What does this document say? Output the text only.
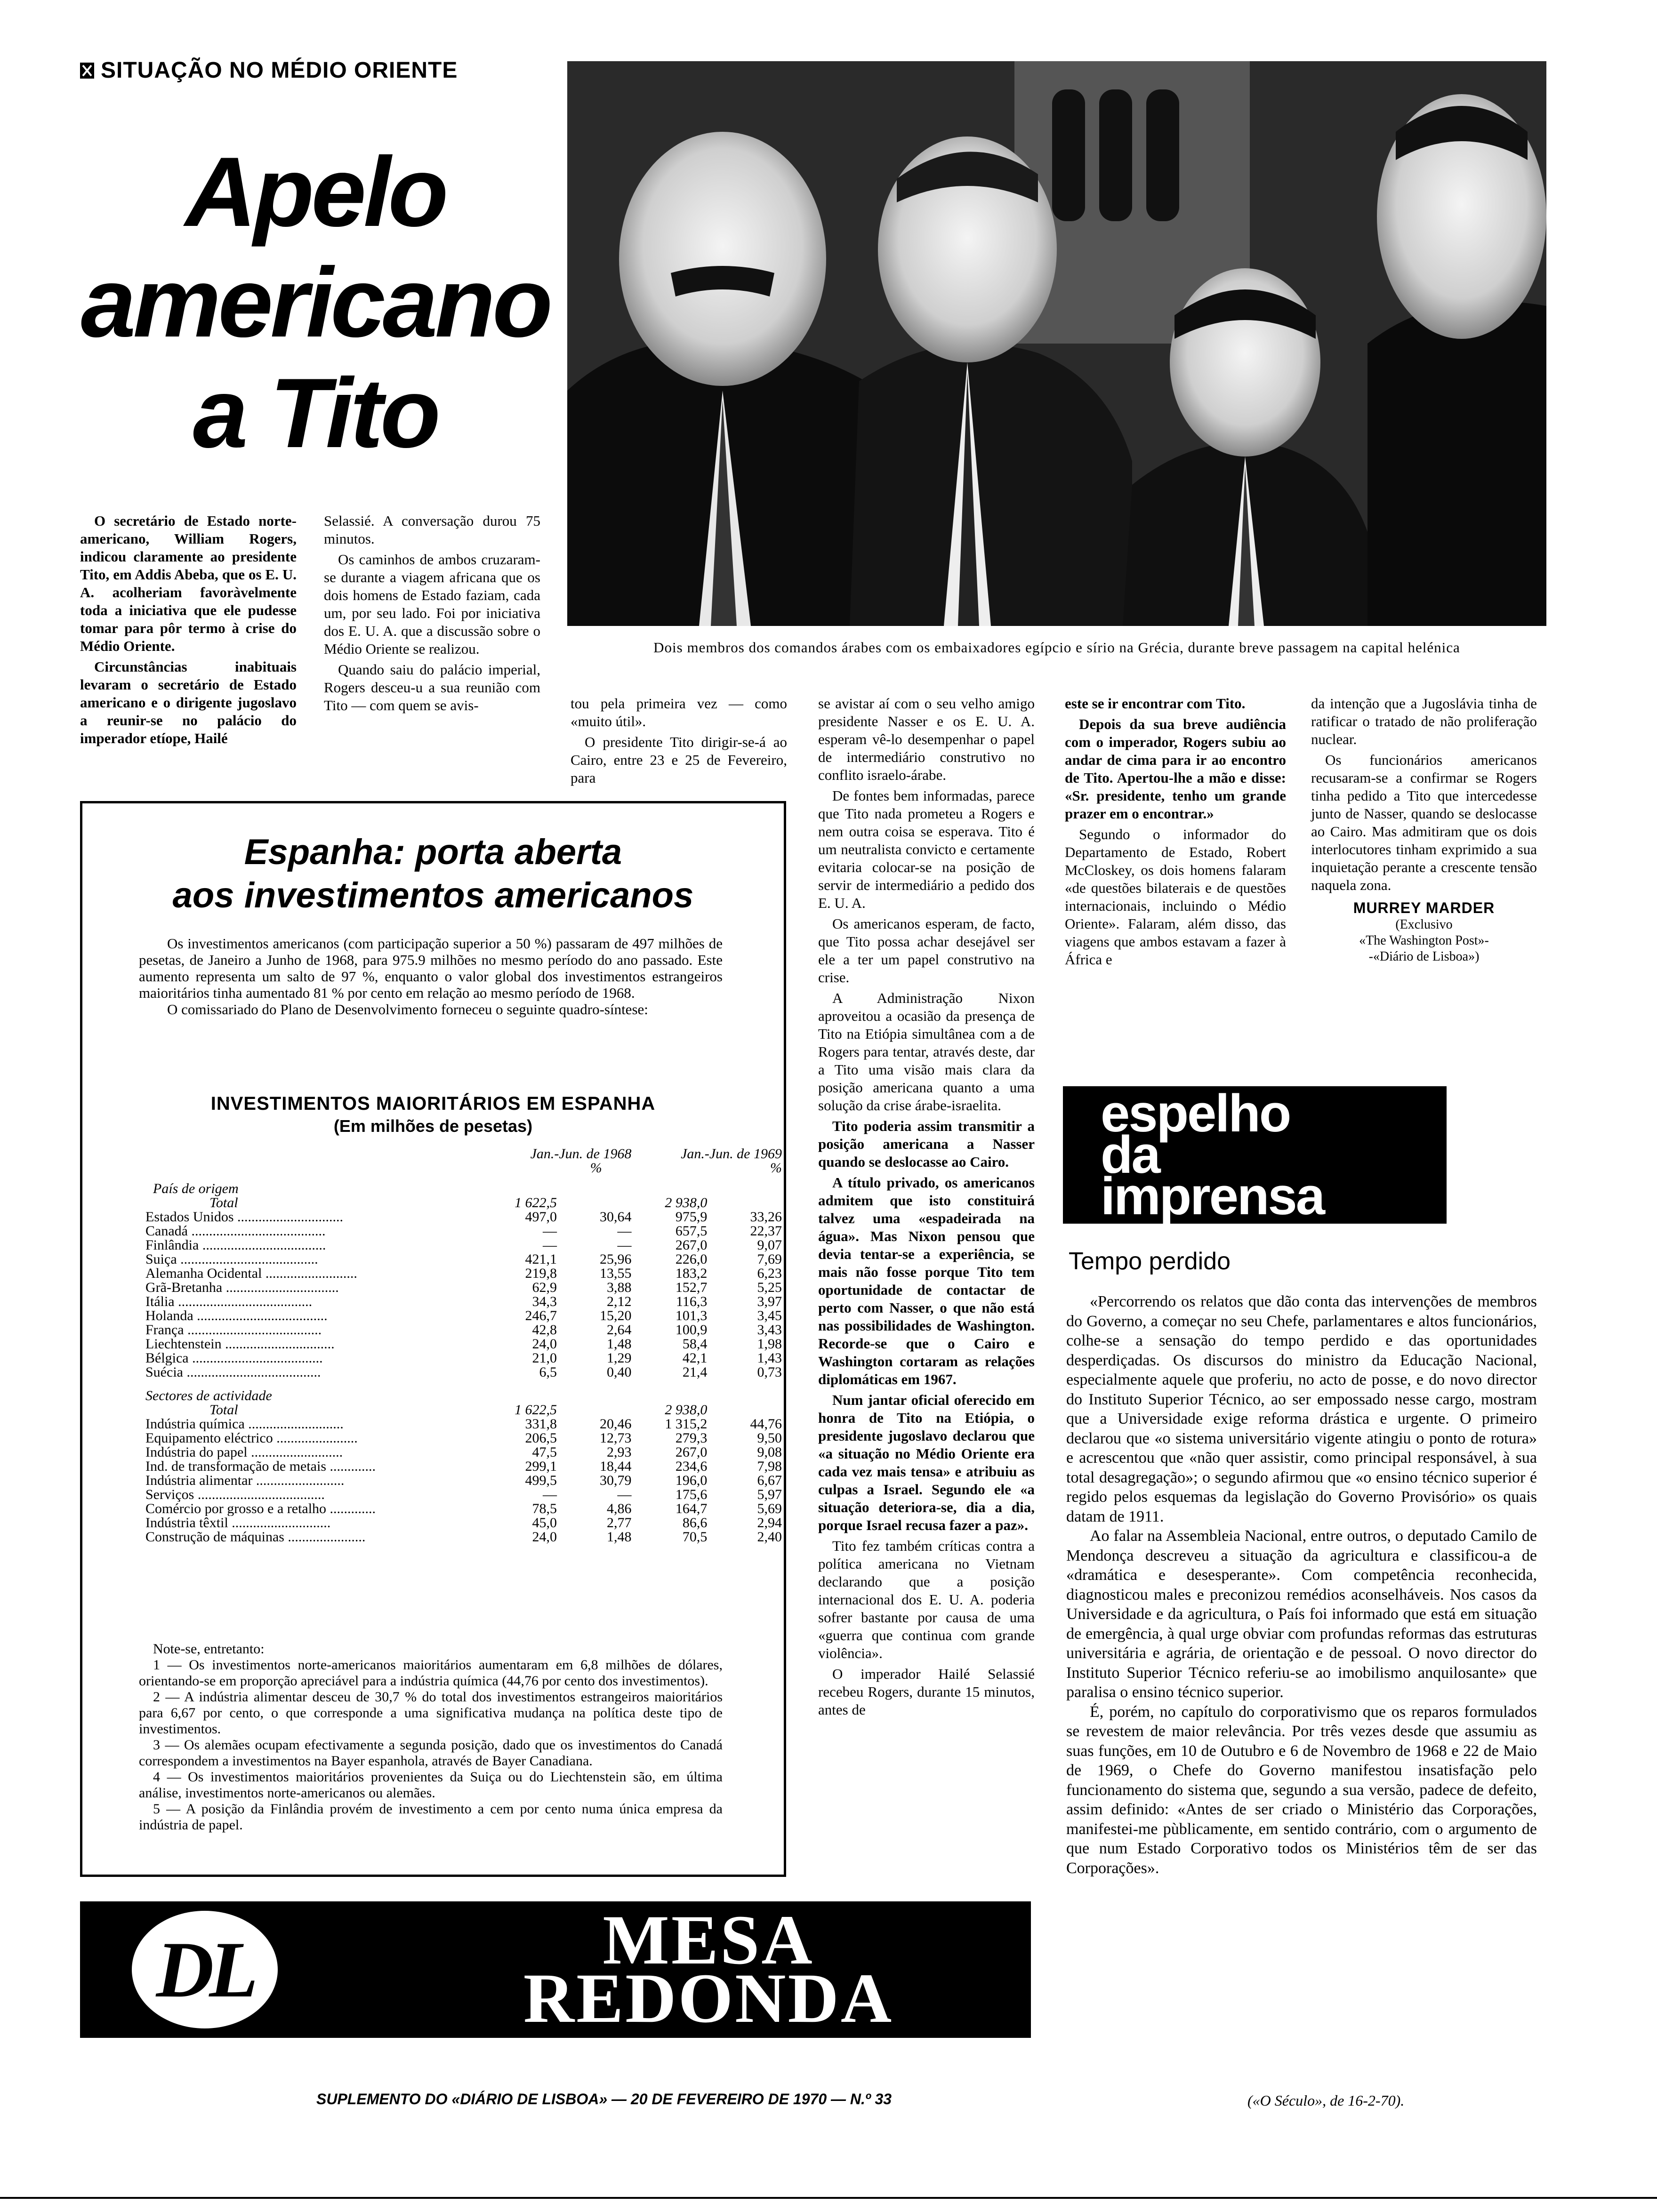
SITUAÇÃO NO MÉDIO ORIENTE
Apelo
americano
a Tito
Dois membros dos comandos árabes com os embaixadores egípcio e sírio na Grécia, durante breve passagem na capital helénica

O secretário de Estado norte-americano, William Rogers, indicou claramente ao presidente Tito, em Addis Abeba, que os E. U. A. acolheriam favoràvelmente toda a iniciativa que ele pudesse tomar para pôr termo à crise do Médio Oriente.

Circunstâncias inabituais levaram o secretário de Estado americano e o dirigente jugoslavo a reunir-se no palácio do imperador etíope, Hailé

Selassié. A conversação durou 75 minutos.

Os caminhos de ambos cruzaram-se durante a viagem africana que os dois homens de Estado faziam, cada um, por seu lado. Foi por iniciativa dos E. U. A. que a discussão sobre o Médio Oriente se realizou.

Quando saiu do palácio imperial, Rogers desceu-u a sua reunião com Tito — com quem se avis-	tou pela primeira vez — como «muito útil».

O presidente Tito dirigir-se-á ao Cairo, entre 23 e 25 de Fevereiro, para

se avistar aí com o seu velho amigo presidente Nasser e os E. U. A. esperam vê-lo desempenhar o papel de intermediário construtivo no conflito israelo-árabe.

De fontes bem informadas, parece que Tito nada prometeu a Rogers e nem outra coisa se esperava. Tito é um neutralista convicto e certamente evitaria colocar-se na posição de servir de intermediário a pedido dos E. U. A.

Os americanos esperam, de facto, que Tito possa achar desejável ser ele a ter um papel construtivo na crise.

A Administração Nixon aproveitou a ocasião da presença de Tito na Etiópia simultânea com a de Rogers para tentar, através deste, dar a Tito uma visão mais clara da posição americana quanto a uma solução da crise árabe-israelita.

Tito poderia assim transmitir a posição americana a Nasser quando se deslocasse ao Cairo.

A título privado, os americanos admitem que isto constituirá talvez uma «espadeirada na água». Mas Nixon pensou que devia tentar-se a experiência, se mais não fosse porque Tito tem oportunidade de contactar de perto com Nasser, o que não está nas possibilidades de Washington. Recorde-se que o Cairo e Washington cortaram as relações diplomáticas em 1967.

Num jantar oficial oferecido em honra de Tito na Etiópia, o presidente jugoslavo declarou que «a situação no Médio Oriente era cada vez mais tensa» e atribuiu as culpas a Israel. Segundo ele «a situação deteriora-se, dia a dia, porque Israel recusa fazer a paz».

Tito fez também críticas contra a política americana no Vietnam declarando que a posição internacional dos E. U. A. poderia sofrer bastante por causa de uma «guerra que continua com grande violência».

O imperador Hailé Selassié recebeu Rogers, durante 15 minutos, antes de

este se ir encontrar com Tito.

Depois da sua breve audiência com o imperador, Rogers subiu ao andar de cima para ir ao encontro de Tito. Apertou-lhe a mão e disse: «Sr. presidente, tenho um grande prazer em o encontrar.»

Segundo o informador do Departamento de Estado, Robert McCloskey, os dois homens falaram «de questões bilaterais e de questões internacionais, incluindo o Médio Oriente». Falaram, além disso, das viagens que ambos estavam a fazer à África e

da intenção que a Jugoslávia tinha de ratificar o tratado de não proliferação nuclear.

Os funcionários americanos recusaram-se a confirmar se Rogers tinha pedido a Tito que intercedesse junto de Nasser, quando se deslocasse ao Cairo. Mas admitiram que os dois interlocutores tinham exprimido a sua inquietação perante a crescente tensão naquela zona.

MURREY MARDER
(Exclusivo
«The Washington Post»-
-«Diário de Lisboa»)
Espanha: porta aberta
aos investimentos americanos

Os investimentos americanos (com participação superior a 50 %) passaram de 497 milhões de pesetas, de Janeiro a Junho de 1968, para 975.9 milhões no mesmo período do ano passado. Este aumento representa um salto de 97 %, enquanto o valor global dos investimentos estrangeiros maioritários tinha aumentado 81 % por cento em relação ao mesmo período de 1968.

O comissariado do Plano de Desenvolvimento forneceu o seguinte quadro-síntese:

INVESTIMENTOS MAIORITÁRIOS EM ESPANHA
(Em milhões de pesetas)
	Jan.-Jun. de 1968		Jan.-Jun. de 1969	
		%		%

País de origem				
Total	1 622,5		2 938,0	
Estados Unidos ..............................	497,0	30,64	975,9	33,26
Canadá ......................................	—	—	657,5	22,37
Finlândia ...................................	—	—	267,0	9,07
Suiça .......................................	421,1	25,96	226,0	7,69
Alemanha Ocidental ..........................	219,8	13,55	183,2	6,23
Grã-Bretanha ................................	62,9	3,88	152,7	5,25
Itália ......................................	34,3	2,12	116,3	3,97
Holanda .....................................	246,7	15,20	101,3	3,45
França ......................................	42,8	2,64	100,9	3,43
Liechtenstein ...............................	24,0	1,48	58,4	1,98
Bélgica .....................................	21,0	1,29	42,1	1,43
Suécia ......................................	6,5	0,40	21,4	0,73

Sectores de actividade				
Total	1 622,5		2 938,0	
Indústria química ...........................	331,8	20,46	1 315,2	44,76
Equipamento eléctrico .......................	206,5	12,73	279,3	9,50
Indústria do papel ..........................	47,5	2,93	267,0	9,08
Ind. de transformação de metais .............	299,1	18,44	234,6	7,98
Indústria alimentar .........................	499,5	30,79	196,0	6,67
Serviços ....................................	—	—	175,6	5,97
Comércio por grosso e a retalho .............	78,5	4,86	164,7	5,69
Indústria têxtil ............................	45,0	2,77	86,6	2,94
Construção de máquinas ......................	24,0	1,48	70,5	2,40

Note-se, entretanto:

1 — Os investimentos norte-americanos maioritários aumentaram em 6,8 milhões de dólares, orientando-se em proporção apreciável para a indústria química (44,76 por cento dos investimentos).

2 — A indústria alimentar desceu de 30,7 % do total dos investimentos estrangeiros maioritários para 6,67 por cento, o que corresponde a uma significativa mudança na política deste tipo de investimentos.

3 — Os alemães ocupam efectivamente a segunda posição, dado que os investimentos do Canadá correspondem a investimentos na Bayer espanhola, através de Bayer Canadiana.

4 — Os investimentos maioritários provenientes da Suiça ou do Liechtenstein são, em última análise, investimentos norte-americanos ou alemães.

5 — A posição da Finlândia provém de investimento a cem por cento numa única empresa da indústria de papel.

espelho
da
imprensa
Tempo perdido

«Percorrendo os relatos que dão conta das intervenções de membros do Governo, a começar no seu Chefe, parlamentares e altos funcionários, colhe-se a sensação do tempo perdido e das oportunidades desperdiçadas. Os discursos do ministro da Educação Nacional, especialmente aquele que proferiu, no acto de posse, e do novo director do Instituto Superior Técnico, ao ser empossado nesse cargo, mostram que a Universidade exige reforma drástica e urgente. O primeiro declarou que «o sistema universitário vigente atingiu o ponto de rotura» e acrescentou que «não quer assistir, como principal responsável, à sua total desagregação»; o segundo afirmou que «o ensino técnico superior é regido pelos esquemas da legislação do Governo Provisório» os quais datam de 1911.

Ao falar na Assembleia Nacional, entre outros, o deputado Camilo de Mendonça descreveu a situação da agricultura e classificou-a de «dramática e desesperante». Com competência reconhecida, diagnosticou males e preconizou remédios aconselháveis. Nos casos da Universidade e da agricultura, o País foi informado que está em situação de emergência, à qual urge obviar com profundas reformas das estruturas universitária e agrária, de orientação e de pessoal. O novo director do Instituto Superior Técnico referiu-se ao imobilismo anquilosante» que paralisa o ensino técnico superior.

É, porém, no capítulo do corporativismo que os reparos formulados se revestem de maior relevância. Por três vezes desde que assumiu as suas funções, em 10 de Outubro e 6 de Novembro de 1968 e 22 de Maio de 1969, o Chefe do Governo manifestou insatisfação pelo funcionamento do sistema que, segundo a sua versão, padece de defeito, assim definido: «Antes de ser criado o Ministério das Corporações, manifestei-me pùblicamente, em sentido contrário, com o argumento de que num Estado Corporativo todos os Ministérios têm de ser das Corporações».

DL	MESA
REDONDA
(«O Século», de 16-2-70).
SUPLEMENTO DO «DIÁRIO DE LISBOA» — 20 DE FEVEREIRO DE 1970 — N.º 33
